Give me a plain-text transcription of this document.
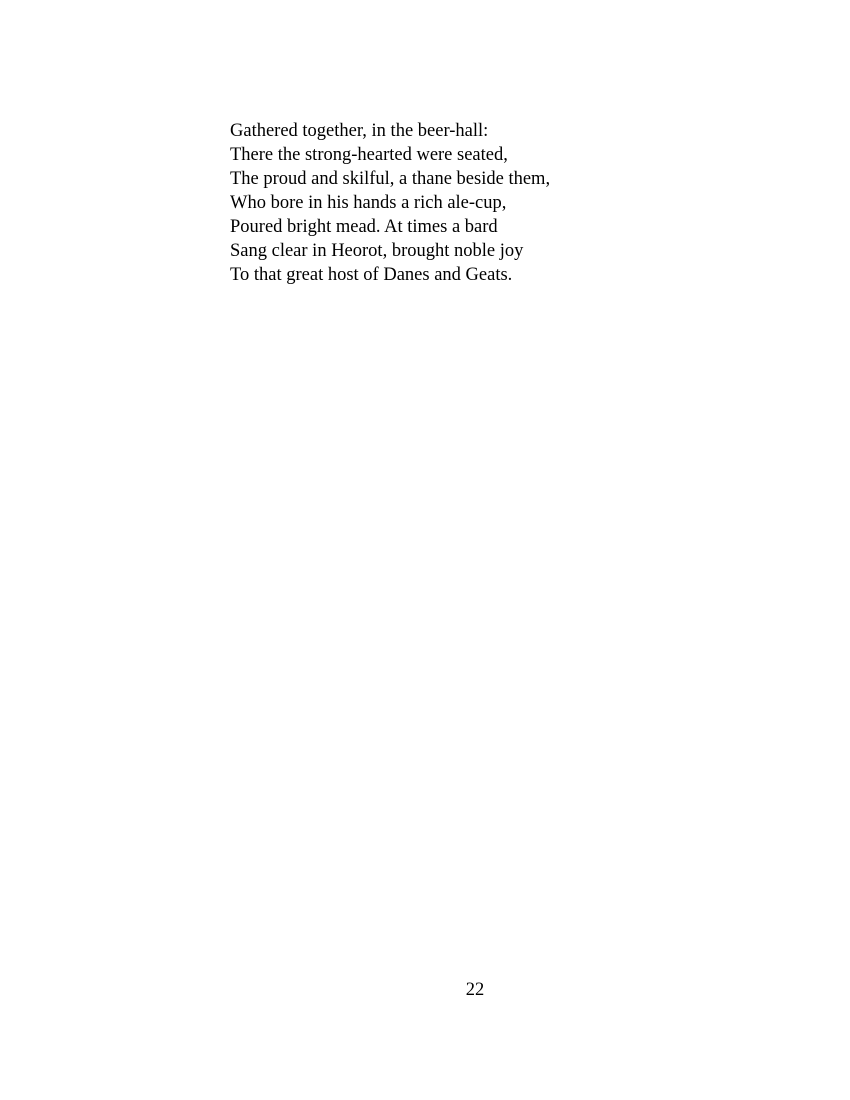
Gathered together, in the beer-hall:
There the strong-hearted were seated,
The proud and skilful, a thane beside them,
Who bore in his hands a rich ale-cup,
Poured bright mead. At times a bard
Sang clear in Heorot, brought noble joy
To that great host of Danes and Geats.
22
